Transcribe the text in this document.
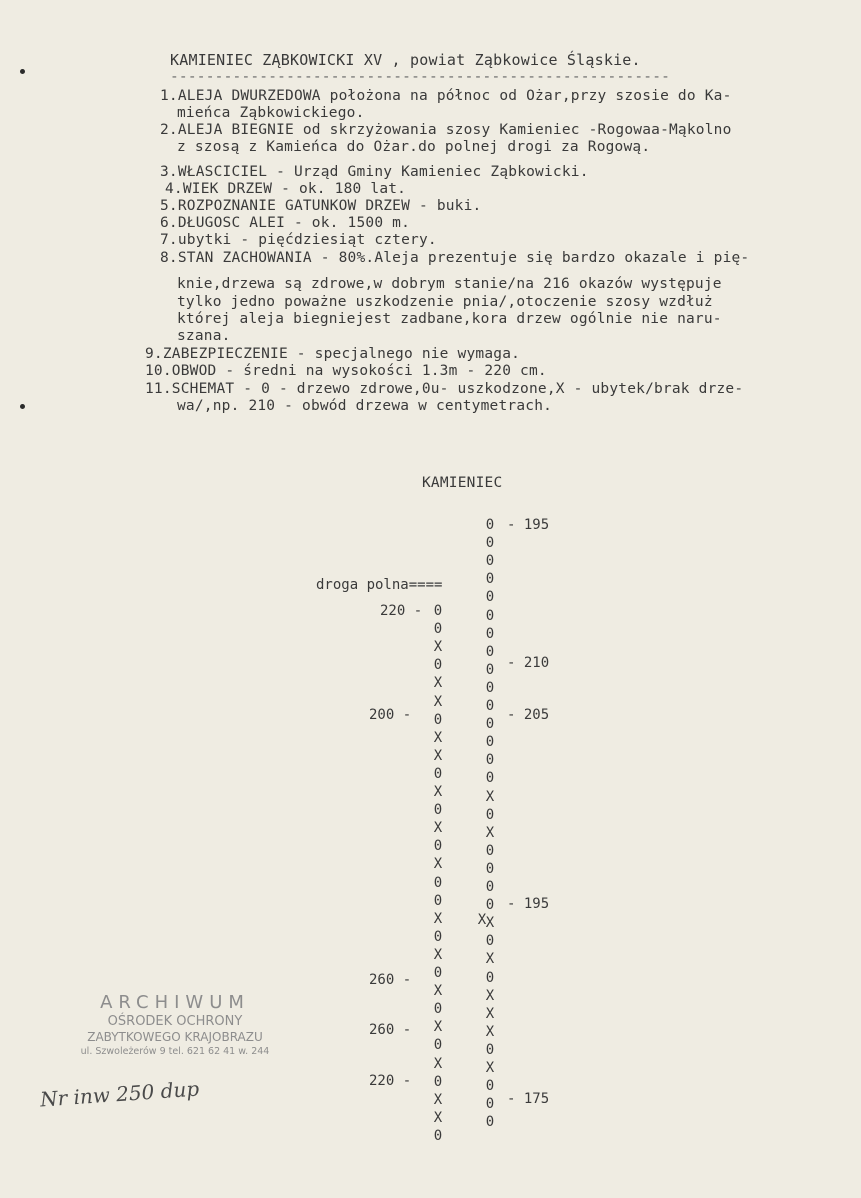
KAMIENIEC ZĄBKOWICKI XV , powiat Ząbkowice Śląskie.
--------------------------------------------------------
1.ALEJA DWURZEDOWA położona na północ od Ożar,przy szosie do Ka-
mieńca Ząbkowickiego.
2.ALEJA BIEGNIE od skrzyżowania szosy Kamieniec -Rogowaa-Mąkolno
z szosą z Kamieńca do Ożar.do polnej drogi za Rogową.
3.WŁASCICIEL - Urząd Gminy Kamieniec Ząbkowicki.
4.WIEK DRZEW - ok. 180 lat.
5.ROZPOZNANIE GATUNKOW DRZEW - buki.
6.DŁUGOSC ALEI - ok. 1500 m.
7.ubytki - pięćdziesiąt cztery.
8.STAN ZACHOWANIA - 80%.Aleja prezentuje się bardzo okazale i pię-
knie,drzewa są zdrowe,w dobrym stanie/na 216 okazów występuje
tylko jedno poważne uszkodzenie pnia/,otoczenie szosy wzdłuż
której aleja biegniejest zadbane,kora drzew ogólnie nie naru-
szana.
9.ZABEZPIECZENIE - specjalnego nie wymaga.
10.OBWOD - średni na wysokości 1.3m - 220 cm.
11.SCHEMAT - 0 - drzewo zdrowe,0u- uszkodzone,X - ubytek/brak drze-
wa/,np. 210 - obwód drzewa w centymetrach.
KAMIENIEC
0
0
0
0
0
0
0
0
0
0
0
0
0
0
0
X
0
X
0
0
0
0
X
0
X
0
X
X
X
0
X
0
0
0
0
0
X
0
X
X
0
X
X
0
X
0
X
0
X
0
0
X
0
X
0
X
0
X
0
X
0
X
X
0
- 195
droga polna====
220 -
- 210
200 -	- 205
- 195
260 -
260 -
220 -
- 175
X
ARCHIWUM
OŚRODEK OCHRONY
ZABYTKOWEGO KRAJOBRAZU
ul. Szwoleżerów 9 tel. 621 62 41 w. 244
Nr inw 250 dup
